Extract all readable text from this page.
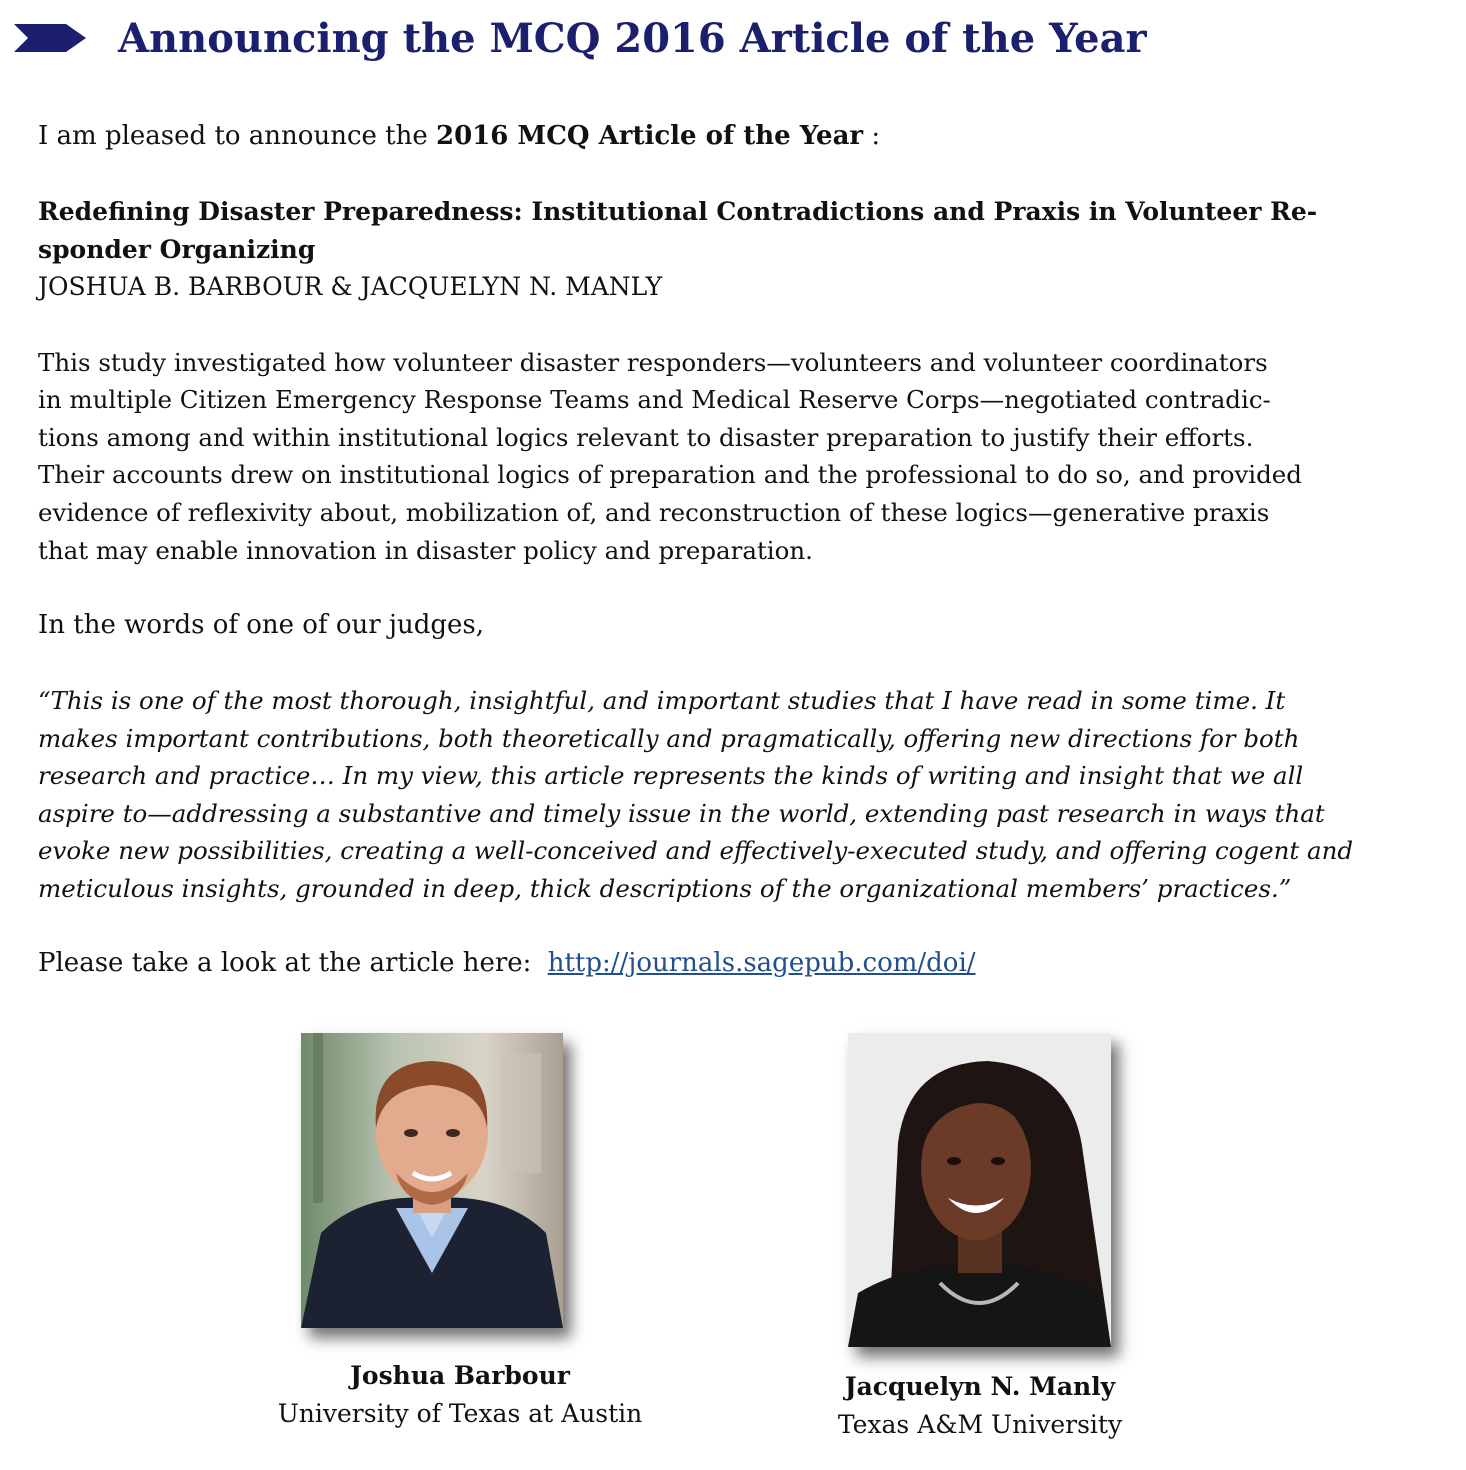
Announcing the MCQ 2016 Article of the Year

I am pleased to announce the 2016 MCQ Article of the Year :

Redefining Disaster Preparedness: Institutional Contradictions and Praxis in Volunteer Re-

sponder Organizing

JOSHUA B. BARBOUR & JACQUELYN N. MANLY

This study investigated how volunteer disaster responders—volunteers and volunteer coordinators

in multiple Citizen Emergency Response Teams and Medical Reserve Corps—negotiated contradic-

tions among and within institutional logics relevant to disaster preparation to justify their efforts.

Their accounts drew on institutional logics of preparation and the professional to do so, and provided

evidence of reflexivity about, mobilization of, and reconstruction of these logics—generative praxis

that may enable innovation in disaster policy and preparation.

In the words of one of our judges,

“This is one of the most thorough, insightful, and important studies that I have read in some time. It

makes important contributions, both theoretically and pragmatically, offering new directions for both

research and practice… In my view, this article represents the kinds of writing and insight that we all

aspire to—addressing a substantive and timely issue in the world, extending past research in ways that

evoke new possibilities, creating a well-conceived and effectively-executed study, and offering cogent and

meticulous insights, grounded in deep, thick descriptions of the organizational members’ practices.”

Please take a look at the article here: http://journals.sagepub.com/doi/

Joshua Barbour
University of Texas at Austin
Jacquelyn N. Manly
Texas A&M University
